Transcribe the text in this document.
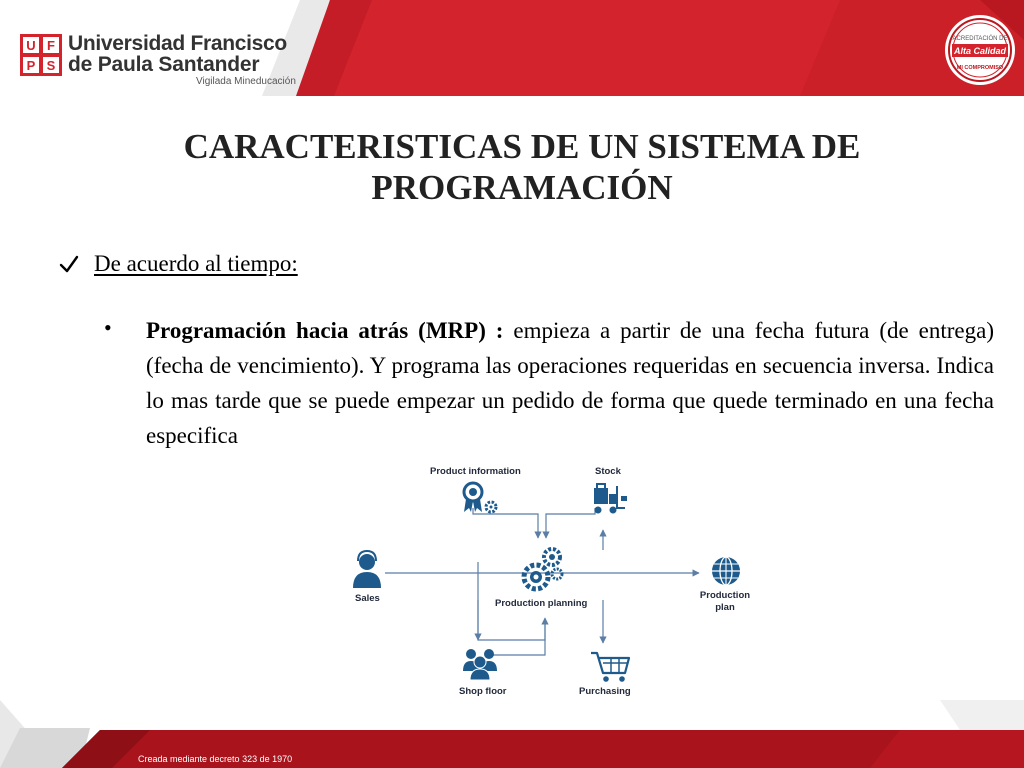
U F
P S
Universidad Francisco
de Paula Santander
Vigilada Mineducación
ACREDITACIÓN DE
Alta Calidad
MI COMPROMISO
CARACTERISTICAS DE UN SISTEMA DE PROGRAMACIÓN
De acuerdo al tiempo:
• Programación hacia atrás (MRP) : empieza a partir de una fecha futura (de entrega) (fecha de vencimiento). Y programa las operaciones requeridas en secuencia inversa. Indica lo mas tarde que se puede empezar un pedido de forma que quede terminado en una fecha especifica
Product information	Stock
Sales	Production planning
Production
plan
Shop floor	Purchasing
Creada mediante decreto 323 de 1970
